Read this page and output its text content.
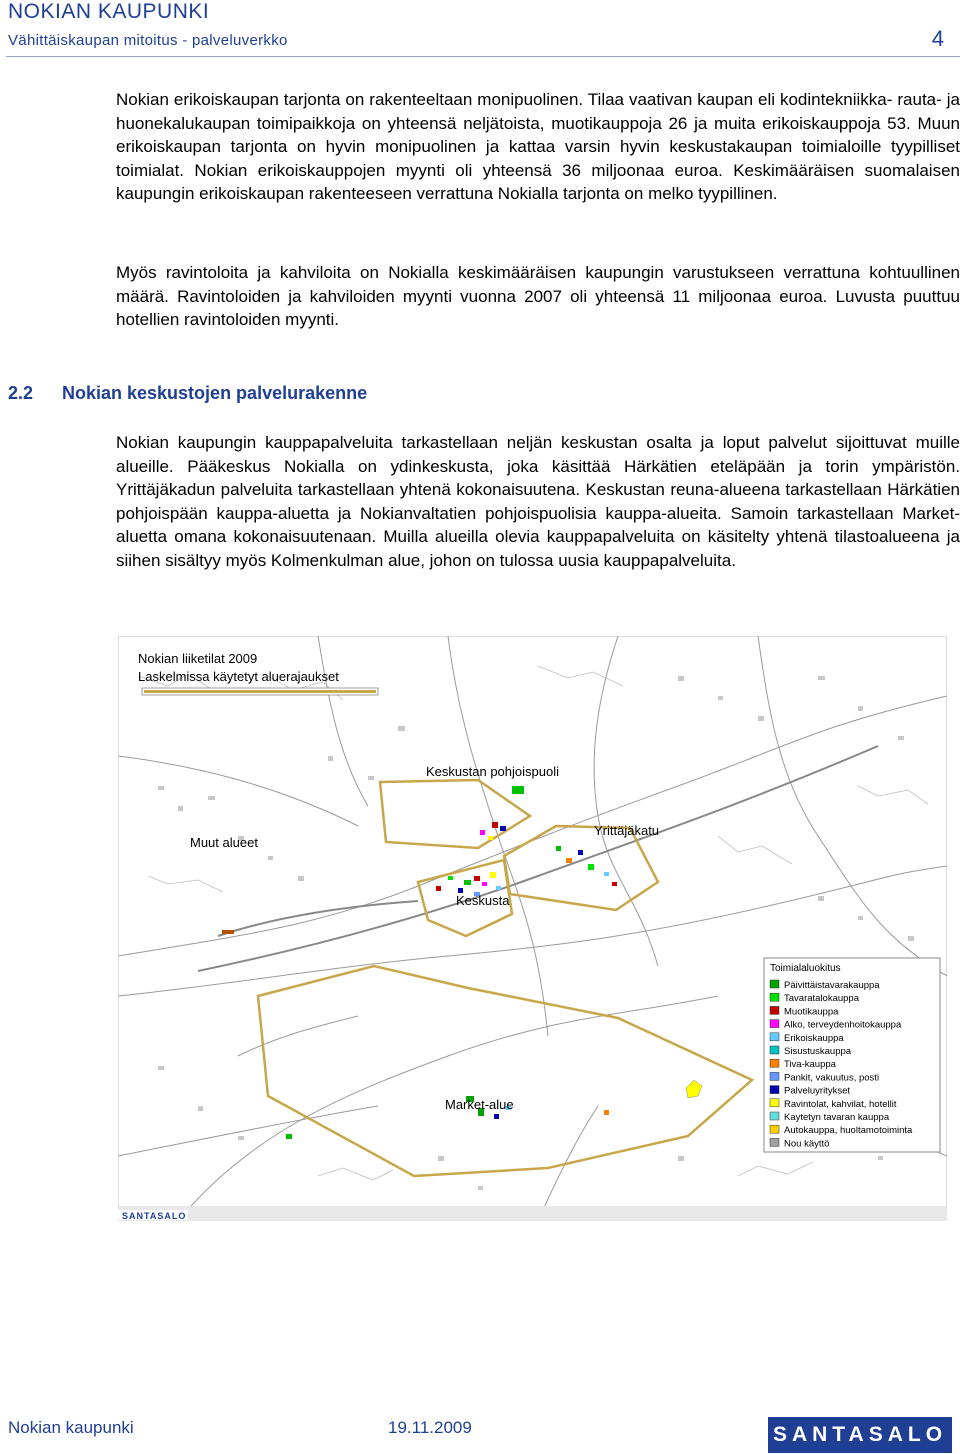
NOKIAN KAUPUNKI
Vähittäiskaupan mitoitus - palveluverkko	4
Nokian erikoiskaupan tarjonta on rakenteeltaan monipuolinen. Tilaa vaativan kaupan eli kodintekniikka- rauta- ja huonekalukaupan toimipaikkoja on yhteensä neljätoista, muotikauppoja 26 ja muita erikoiskauppoja 53. Muun erikoiskaupan tarjonta on hyvin monipuolinen ja kattaa varsin hyvin keskustakaupan toimialoille tyypilliset toimialat. Nokian erikoiskauppojen myynti oli yhteensä 36 miljoonaa euroa. Keskimääräisen suomalaisen kaupungin erikoiskaupan rakenteeseen verrattuna Nokialla tarjonta on melko tyypillinen.
Myös ravintoloita ja kahviloita on Nokialla keskimääräisen kaupungin varustukseen verrattuna kohtuullinen määrä. Ravintoloiden ja kahviloiden myynti vuonna 2007 oli yhteensä 11 miljoonaa euroa. Luvusta puuttuu hotellien ravintoloiden myynti.
2.2 Nokian keskustojen palvelurakenne
Nokian kaupungin kauppapalveluita tarkastellaan neljän keskustan osalta ja loput palvelut sijoittuvat muille alueille. Pääkeskus Nokialla on ydinkeskusta, joka käsittää Härkätien eteläpään ja torin ympäristön. Yrittäjäkadun palveluita tarkastellaan yhtenä kokonaisuutena. Keskustan reuna-alueena tarkastellaan Härkätien pohjoispään kauppa-aluetta ja Nokianvaltatien pohjoispuolisia kauppa-alueita. Samoin tarkastellaan Market-aluetta omana kokonaisuutenaan. Muilla alueilla olevia kauppapalveluita on käsitelty yhtenä tilastoalueena ja siihen sisältyy myös Kolmenkulman alue, johon on tulossa uusia kauppapalveluita.
Nokian liiketilat 2009
Laskelmissa käytetyt aluerajaukset
Keskustan pohjoispuoli
Yrittäjäkatu
Keskusta
Muut alueet
Market-alue
Toimialaluokitus
Päivittäistavarakauppa
Tavaratalokauppa
Muotikauppa
Alko, terveydenhoitokauppa
Erikoiskauppa
Sisustuskauppa
Tiva-kauppa
Pankit, vakuutus, posti
Palveluyritykset
Ravintolat, kahvilat, hotellit
Kaytetyn tavaran kauppa
Autokauppa, huoltamotoiminta
Nou käyttö
SANTASALO
Nokian kaupunki	19.11.2009	SANTASALO
